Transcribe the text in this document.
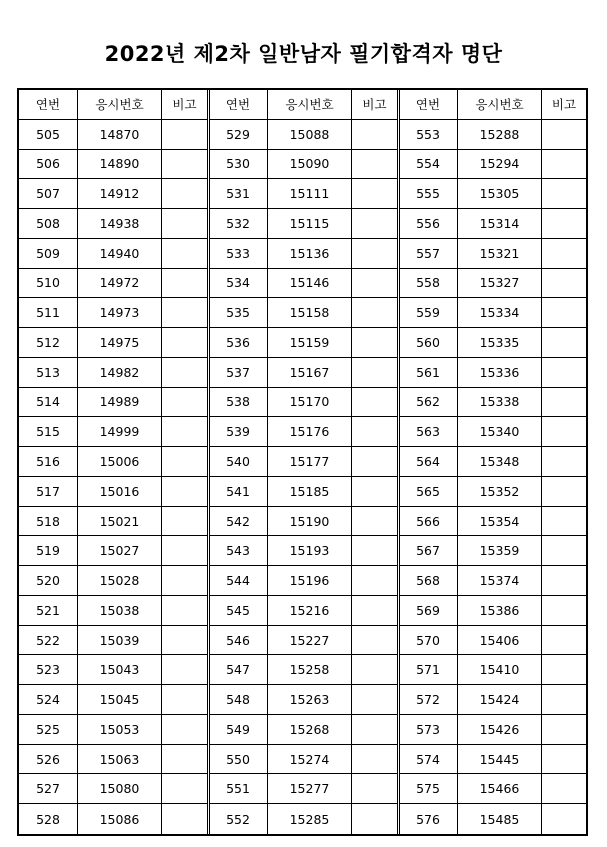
2022년 제2차 일반남자 필기합격자 명단
연번	응시번호	비고
505	14870
506	14890
507	14912
508	14938
509	14940
510	14972
511	14973
512	14975
513	14982
514	14989
515	14999
516	15006
517	15016
518	15021
519	15027
520	15028
521	15038
522	15039
523	15043
524	15045
525	15053
526	15063
527	15080
528	15086
연번	응시번호	비고
529	15088
530	15090
531	15111
532	15115
533	15136
534	15146
535	15158
536	15159
537	15167
538	15170
539	15176
540	15177
541	15185
542	15190
543	15193
544	15196
545	15216
546	15227
547	15258
548	15263
549	15268
550	15274
551	15277
552	15285
연번	응시번호	비고
553	15288
554	15294
555	15305
556	15314
557	15321
558	15327
559	15334
560	15335
561	15336
562	15338
563	15340
564	15348
565	15352
566	15354
567	15359
568	15374
569	15386
570	15406
571	15410
572	15424
573	15426
574	15445
575	15466
576	15485
